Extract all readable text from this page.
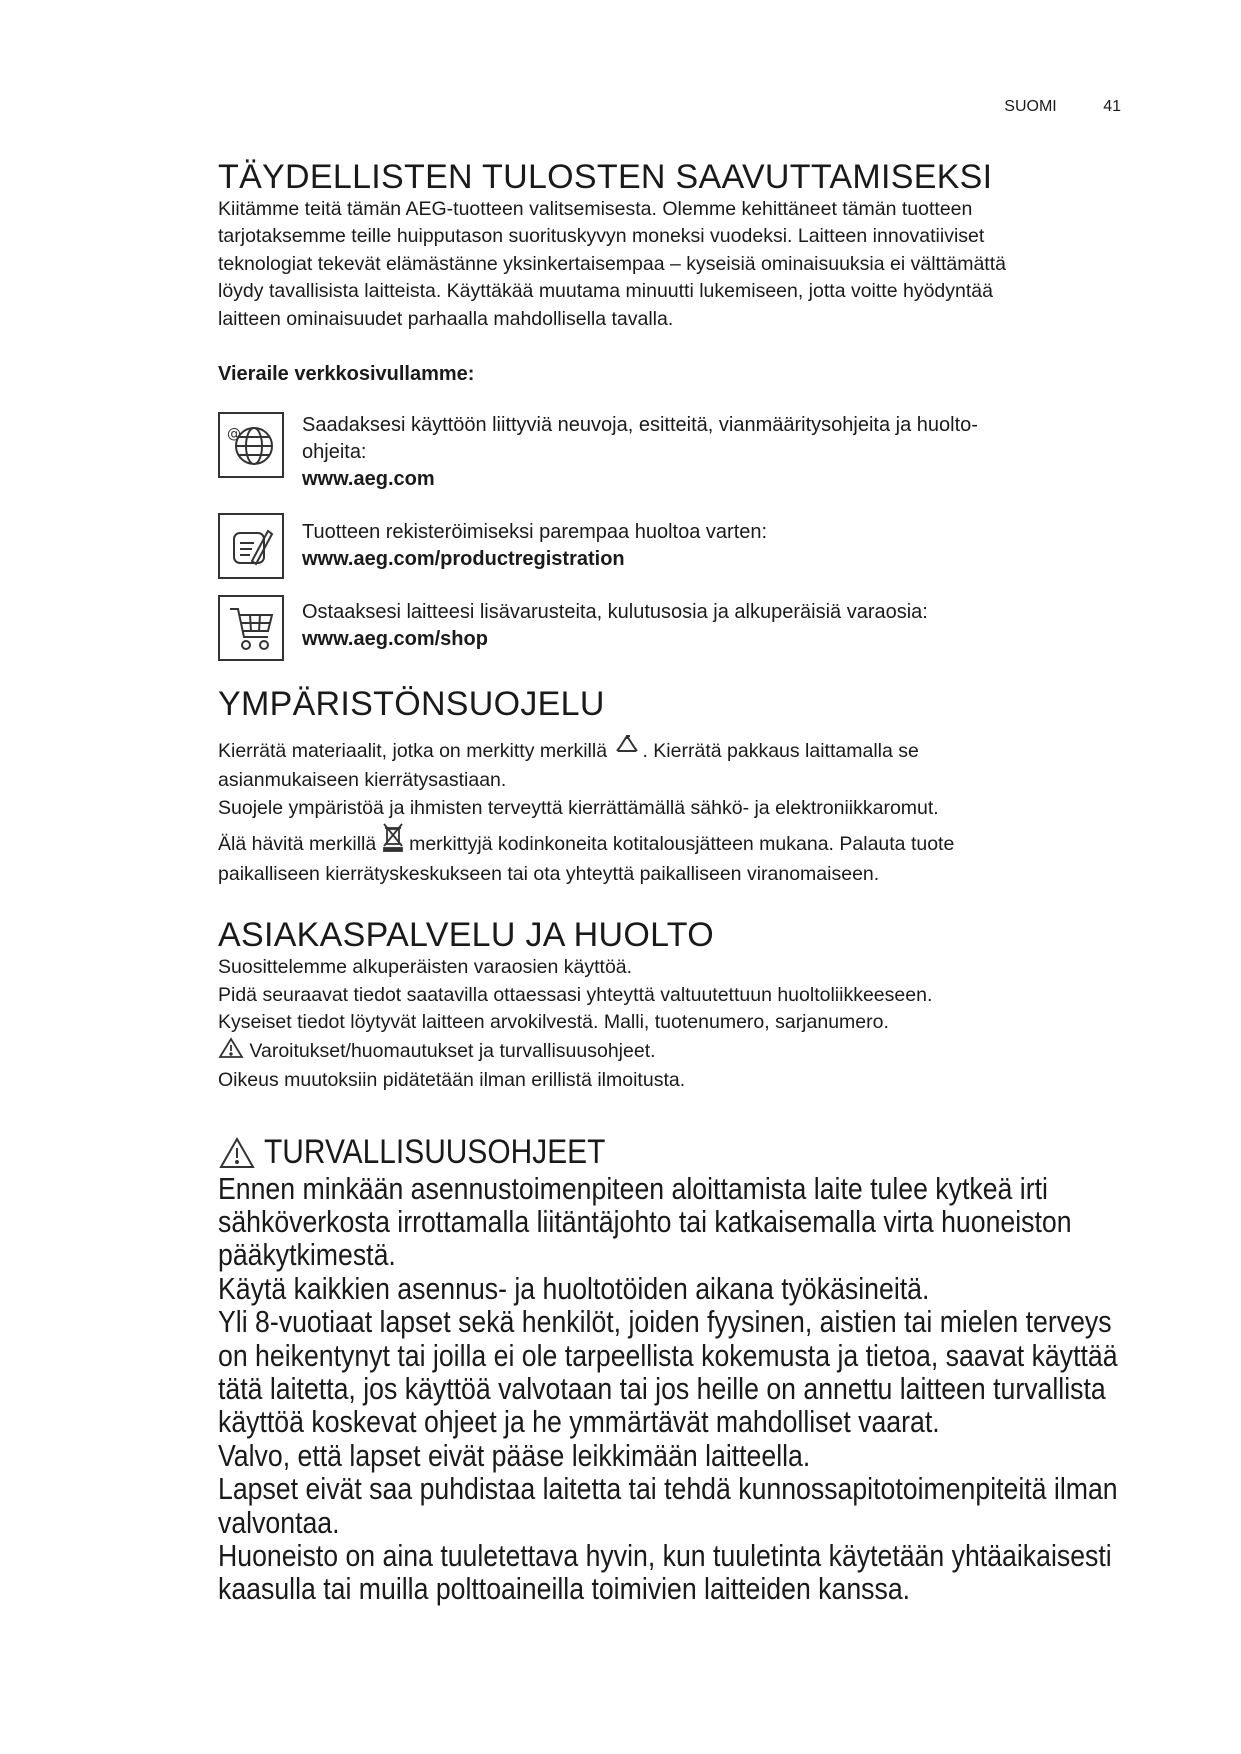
SUOMI	41
TÄYDELLISTEN TULOSTEN SAAVUTTAMISEKSI

Kiitämme teitä tämän AEG-tuotteen valitsemisesta. Olemme kehittäneet tämän tuotteen
tarjotaksemme teille huipputason suorituskyvyn moneksi vuodeksi. Laitteen innovatiiviset
teknologiat tekevät elämästänne yksinkertaisempaa – kyseisiä ominaisuuksia ei välttämättä
löydy tavallisista laitteista. Käyttäkää muutama minuutti lukemiseen, jotta voitte hyödyntää
laitteen ominaisuudet parhaalla mahdollisella tavalla.

Vieraile verkkosivullamme:
@	Saadaksesi käyttöön liittyviä neuvoja, esitteitä, vianmääritysohjeita ja huolto-
ohjeita:
www.aeg.com
Tuotteen rekisteröimiseksi parempaa huoltoa varten:
www.aeg.com/productregistration
Ostaaksesi laitteesi lisävarusteita, kulutusosia ja alkuperäisiä varaosia:
www.aeg.com/shop
YMPÄRISTÖNSUOJELU

Kierrätä materiaalit, jotka on merkitty merkillä . Kierrätä pakkaus laittamalla se
asianmukaiseen kierrätysastiaan.
Suojele ympäristöä ja ihmisten terveyttä kierrättämällä sähkö- ja elektroniikkaromut.
Älä hävitä merkillä  merkittyjä kodinkoneita kotitalousjätteen mukana. Palauta tuote
paikalliseen kierrätyskeskukseen tai ota yhteyttä paikalliseen viranomaiseen.

ASIAKASPALVELU JA HUOLTO

Suosittelemme alkuperäisten varaosien käyttöä.
Pidä seuraavat tiedot saatavilla ottaessasi yhteyttä valtuutettuun huoltoliikkeeseen.
Kyseiset tiedot löytyvät laitteen arvokilvestä. Malli, tuotenumero, sarjanumero.
Varoitukset/huomautukset ja turvallisuusohjeet.
Oikeus muutoksiin pidätetään ilman erillistä ilmoitusta.

TURVALLISUUSOHJEET

Ennen minkään asennustoimenpiteen aloittamista laite tulee kytkeä irti sähköverkosta irrottamalla liitäntäjohto tai katkaisemalla virta huoneiston pääkytkimestä.

Käytä kaikkien asennus- ja huoltotöiden aikana työkäsineitä.

Yli 8-vuotiaat lapset sekä henkilöt, joiden fyysinen, aistien tai mielen terveys on heikentynyt tai joilla ei ole tarpeellista kokemusta ja tietoa, saavat käyttää tätä laitetta, jos käyttöä valvotaan tai jos heille on annettu laitteen turvallista käyttöä koskevat ohjeet ja he ymmärtävät mahdolliset vaarat.

Valvo, että lapset eivät pääse leikkimään laitteella.

Lapset eivät saa puhdistaa laitetta tai tehdä kunnossapitotoimenpiteitä ilman valvontaa.

Huoneisto on aina tuuletettava hyvin, kun tuuletinta käytetään yhtäaikaisesti kaasulla tai muilla polttoaineilla toimivien laitteiden kanssa.
